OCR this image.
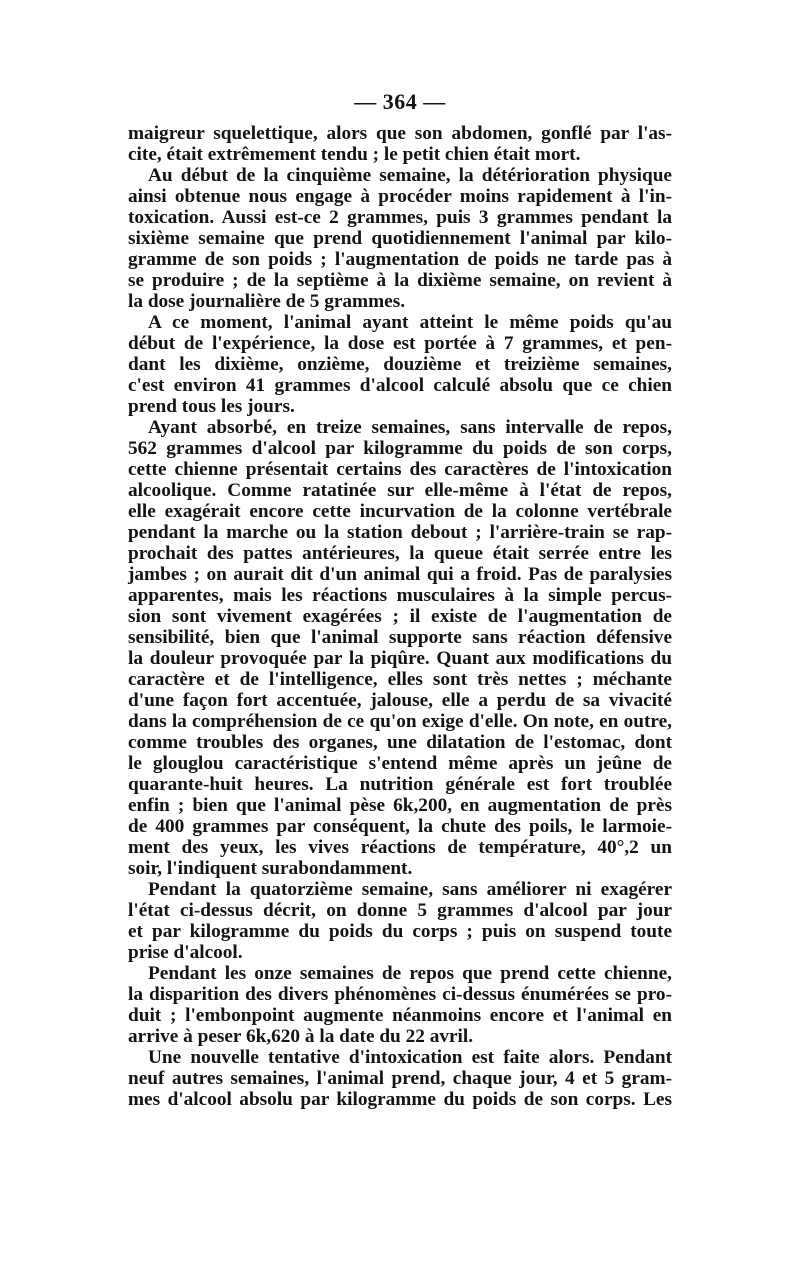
— 364 —
maigreur squelettique, alors que son abdomen, gonflé par l'as-
cite, était extrêmement tendu ; le petit chien était mort.
Au début de la cinquième semaine, la détérioration physique
ainsi obtenue nous engage à procéder moins rapidement à l'in-
toxication. Aussi est-ce 2 grammes, puis 3 grammes pendant la
sixième semaine que prend quotidiennement l'animal par kilo-
gramme de son poids ; l'augmentation de poids ne tarde pas à
se produire ; de la septième à la dixième semaine, on revient à
la dose journalière de 5 grammes.
A ce moment, l'animal ayant atteint le même poids qu'au
début de l'expérience, la dose est portée à 7 grammes, et pen-
dant les dixième, onzième, douzième et treizième semaines,
c'est environ 41 grammes d'alcool calculé absolu que ce chien
prend tous les jours.
Ayant absorbé, en treize semaines, sans intervalle de repos,
562 grammes d'alcool par kilogramme du poids de son corps,
cette chienne présentait certains des caractères de l'intoxication
alcoolique. Comme ratatinée sur elle-même à l'état de repos,
elle exagérait encore cette incurvation de la colonne vertébrale
pendant la marche ou la station debout ; l'arrière-train se rap-
prochait des pattes antérieures, la queue était serrée entre les
jambes ; on aurait dit d'un animal qui a froid. Pas de paralysies
apparentes, mais les réactions musculaires à la simple percus-
sion sont vivement exagérées ; il existe de l'augmentation de
sensibilité, bien que l'animal supporte sans réaction défensive
la douleur provoquée par la piqûre. Quant aux modifications du
caractère et de l'intelligence, elles sont très nettes ; méchante
d'une façon fort accentuée, jalouse, elle a perdu de sa vivacité
dans la compréhension de ce qu'on exige d'elle. On note, en outre,
comme troubles des organes, une dilatation de l'estomac, dont
le glouglou caractéristique s'entend même après un jeûne de
quarante-huit heures. La nutrition générale est fort troublée
enfin ; bien que l'animal pèse 6k,200, en augmentation de près
de 400 grammes par conséquent, la chute des poils, le larmoie-
ment des yeux, les vives réactions de température, 40°,2 un
soir, l'indiquent surabondamment.
Pendant la quatorzième semaine, sans améliorer ni exagérer
l'état ci-dessus décrit, on donne 5 grammes d'alcool par jour
et par kilogramme du poids du corps ; puis on suspend toute
prise d'alcool.
Pendant les onze semaines de repos que prend cette chienne,
la disparition des divers phénomènes ci-dessus énumérées se pro-
duit ; l'embonpoint augmente néanmoins encore et l'animal en
arrive à peser 6k,620 à la date du 22 avril.
Une nouvelle tentative d'intoxication est faite alors. Pendant
neuf autres semaines, l'animal prend, chaque jour, 4 et 5 gram-
mes d'alcool absolu par kilogramme du poids de son corps. Les
